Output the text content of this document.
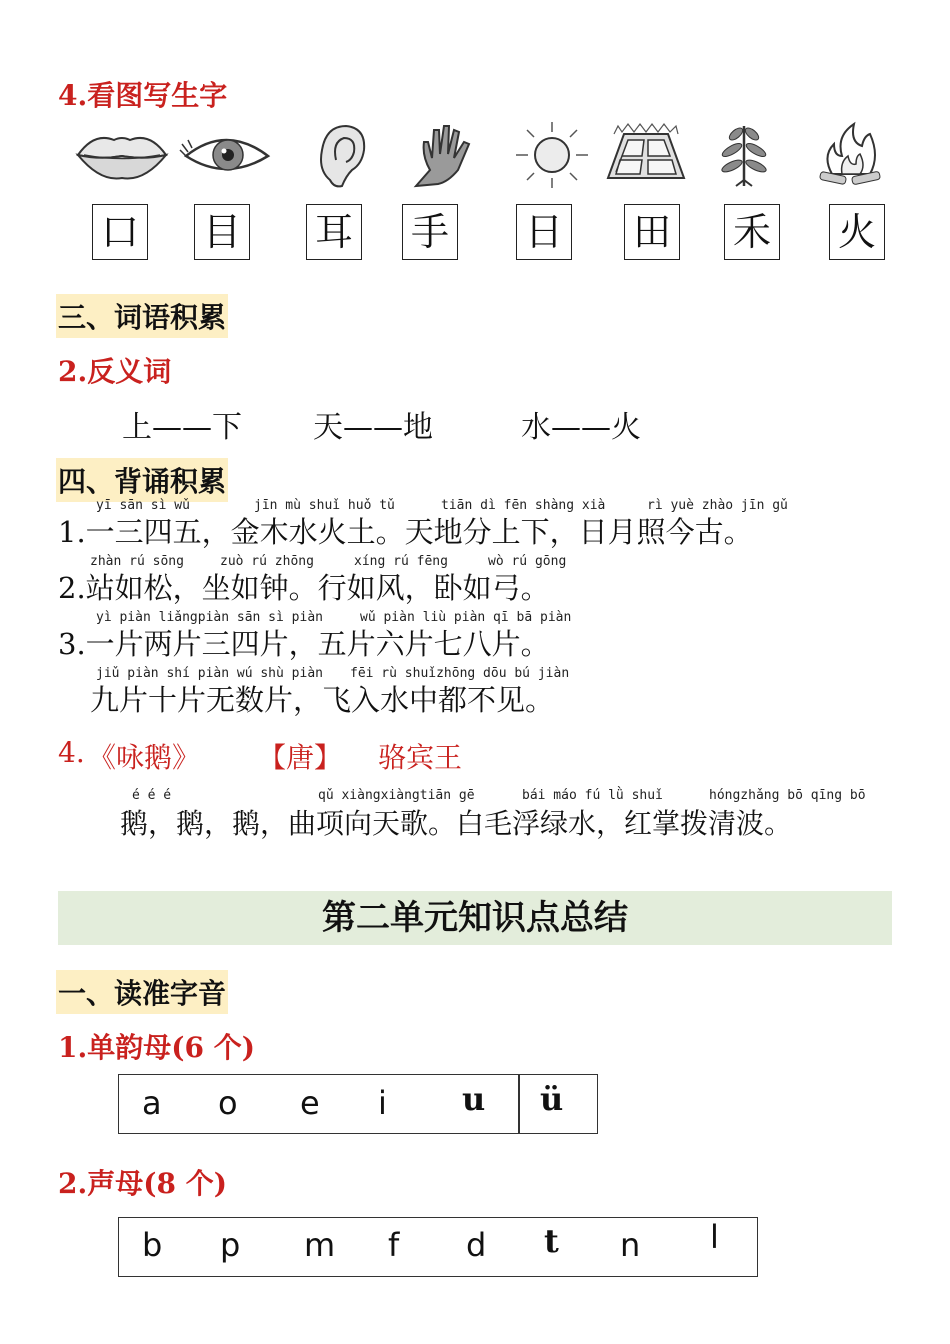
4.看图写生字
口 目 耳 手 日 田 禾 火
三、词语积累
2.反义词
上——下 天——地	水——火
四、背诵积累
yī sān sì wǔ	jīn mù shuǐ huǒ tǔ	tiān dì fēn shàng xià	rì yuè zhào jīn gǔ
1.一三四五，金木水火土。天地分上下，日月照今古。
zhàn rú sōng	zuò rú zhōng	xíng rú fēng	wò rú gōng
2.站如松，坐如钟。行如风，卧如弓。
yì piàn liǎngpiàn sān sì piàn	wǔ piàn liù piàn qī bā piàn
3.一片两片三四片，五片六片七八片。
jiǔ piàn shí piàn wú shù piàn fēi rù shuǐzhōng dōu bú jiàn
九片十片无数片，飞入水中都不见。
4. 《咏鹅》 【唐】 骆宾王
é é é	qǔ xiàngxiàngtiān gē	bái máo fú lǜ shuǐ	hóngzhǎng bō qīng bō
鹅，鹅，鹅，曲项向天歌。白毛浮绿水，红掌拨清波。
第二单元知识点总结
一、读准字音
1.单韵母(6 个)
a o e i u ü
2.声母(8 个)
b p m f d t n l
